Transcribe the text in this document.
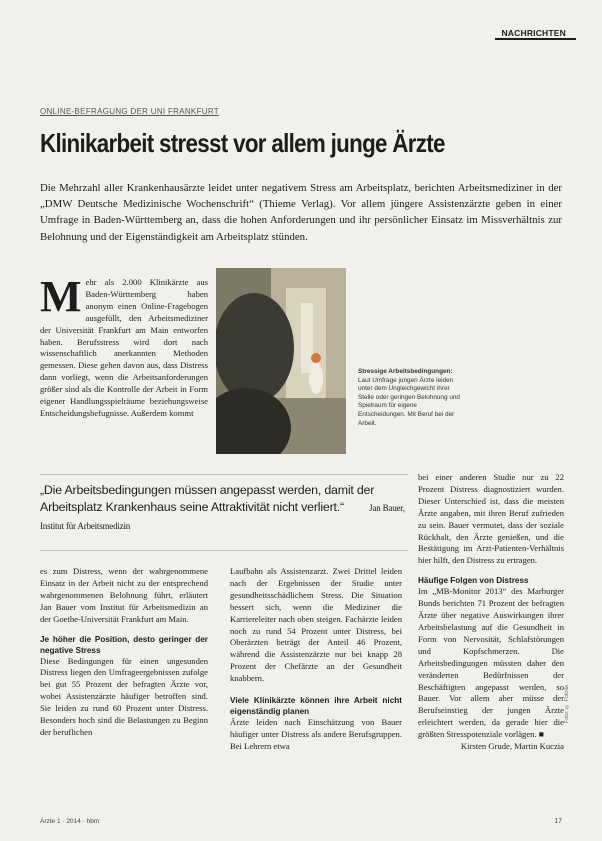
NACHRICHTEN
ONLINE-BEFRAGUNG DER UNI FRANKFURT
Klinikarbeit stresst vor allem junge Ärzte
Die Mehrzahl aller Krankenhausärzte leidet unter negativem Stress am Arbeitsplatz, berichten Arbeitsmediziner in der „DMW Deutsche Medizinische Wochenschrift“ (Thieme Verlag). Vor allem jüngere Assistenzärzte geben in einer Umfrage in Baden-Württemberg an, dass die hohen Anforderungen und ihr persönlicher Einsatz im Missverhältnis zur Belohnung und der Eigenständigkeit am Arbeitsplatz stünden.
M ehr als 2.000 Klinikärzte aus Baden-Württemberg haben anonym einen Online-Fragebogen ausgefüllt, den Arbeitsmediziner der Universität Frankfurt am Main entworfen haben. Berufsstress wird dort nach wissenschaftlich anerkannten Methoden gemessen. Diese gehen davon aus, dass Distress dann vorliegt, wenn die Arbeitsanforderungen größer sind als die Kontrolle der Arbeit in Form eigener Handlungsspielräume beziehungsweise Entscheidungsbefugnisse. Außerdem kommt
Stressige Arbeitsbedingungen: Laut Umfrage jungen Ärzte leiden unter dem Ungleichgewicht ihrer Stelle oder geringen Belohnung und Spielraum für eigene Entscheidungen. Mit Beruf bei der Arbeit.
„Die Arbeitsbedingungen müssen angepasst werden, damit der Arbeitsplatz Krankenhaus seine Attraktivität nicht verliert.“	Jan Bauer, Institut für Arbeitsmedizin

bei einer anderen Studie nur zu 22 Prozent Distress diagnostiziert wurden. Dieser Unterschied ist, dass die meisten Ärzte angaben, mit ihren Beruf zufrieden zu sein. Bauer vermutet, dass der soziale Rückhalt, den Ärzte genießen, und die Bestätigung im Arzt-Patienten-Verhältnis hier hilft, den Distress zu ertragen.

Häufige Folgen von Distress

Im „MB-Monitor 2013“ des Marburger Bunds berichten 71 Prozent der befragten Ärzte über negative Auswirkungen ihrer Arbeitsbelastung auf die Gesundheit in Form von Nervosität, Schlafstörungen und Kopfschmerzen. Die Arbeitsbedingungen müssten daher den veränderten Bedürfnissen der Beschäftigten angepasst werden, so Bauer. Vor allem aber müsse der Berufseinstieg der jungen Ärzte erleichtert werden, da gerade hier die größten Stresspotenziale vorlägen. ■

Kirsten Grude, Martin Kuczia

es zum Distress, wenn der wahrgenommene Einsatz in der Arbeit nicht zu der entsprechend wahrgenommenen Belohnung führt, erläutert Jan Bauer vom Institut für Arbeitsmedizin an der Goethe-Universität Frankfurt am Main.

Je höher die Position, desto geringer der negative Stress

Diese Bedingungen für einen ungesunden Distress liegen den Umfrageergebnissen zufolge bei gut 55 Prozent der befragten Ärzte vor, wobei Assistenzärzte häufiger betroffen sind. Sie leiden zu rund 60 Prozent unter Distress. Besonders hoch sind die Belastungen zu Beginn der beruflichen

Laufbahn als Assistenzarzt. Zwei Drittel leiden nach der Ergebnissen der Studie unter gesundheitsschädlichem Stress. Die Situation bessert sich, wenn die Mediziner die Karriereleiter nach oben steigen. Fachärzte leiden noch zu rund 54 Prozent unter Distress, bei Oberärzten beträgt der Anteil 46 Prozent, während die Assistenzärzte nur bei knapp 28 Prozent der Chefärzte an der Gesundheit knabbern.

Viele Klinikärzte können ihre Arbeit nicht eigenständig planen

Ärzte leiden nach Einschätzung von Bauer häufiger unter Distress als andere Berufsgruppen. Bei Lehrern etwa

Foto: © Fotolia
Ärzte 1 · 2014 · hbm	17
